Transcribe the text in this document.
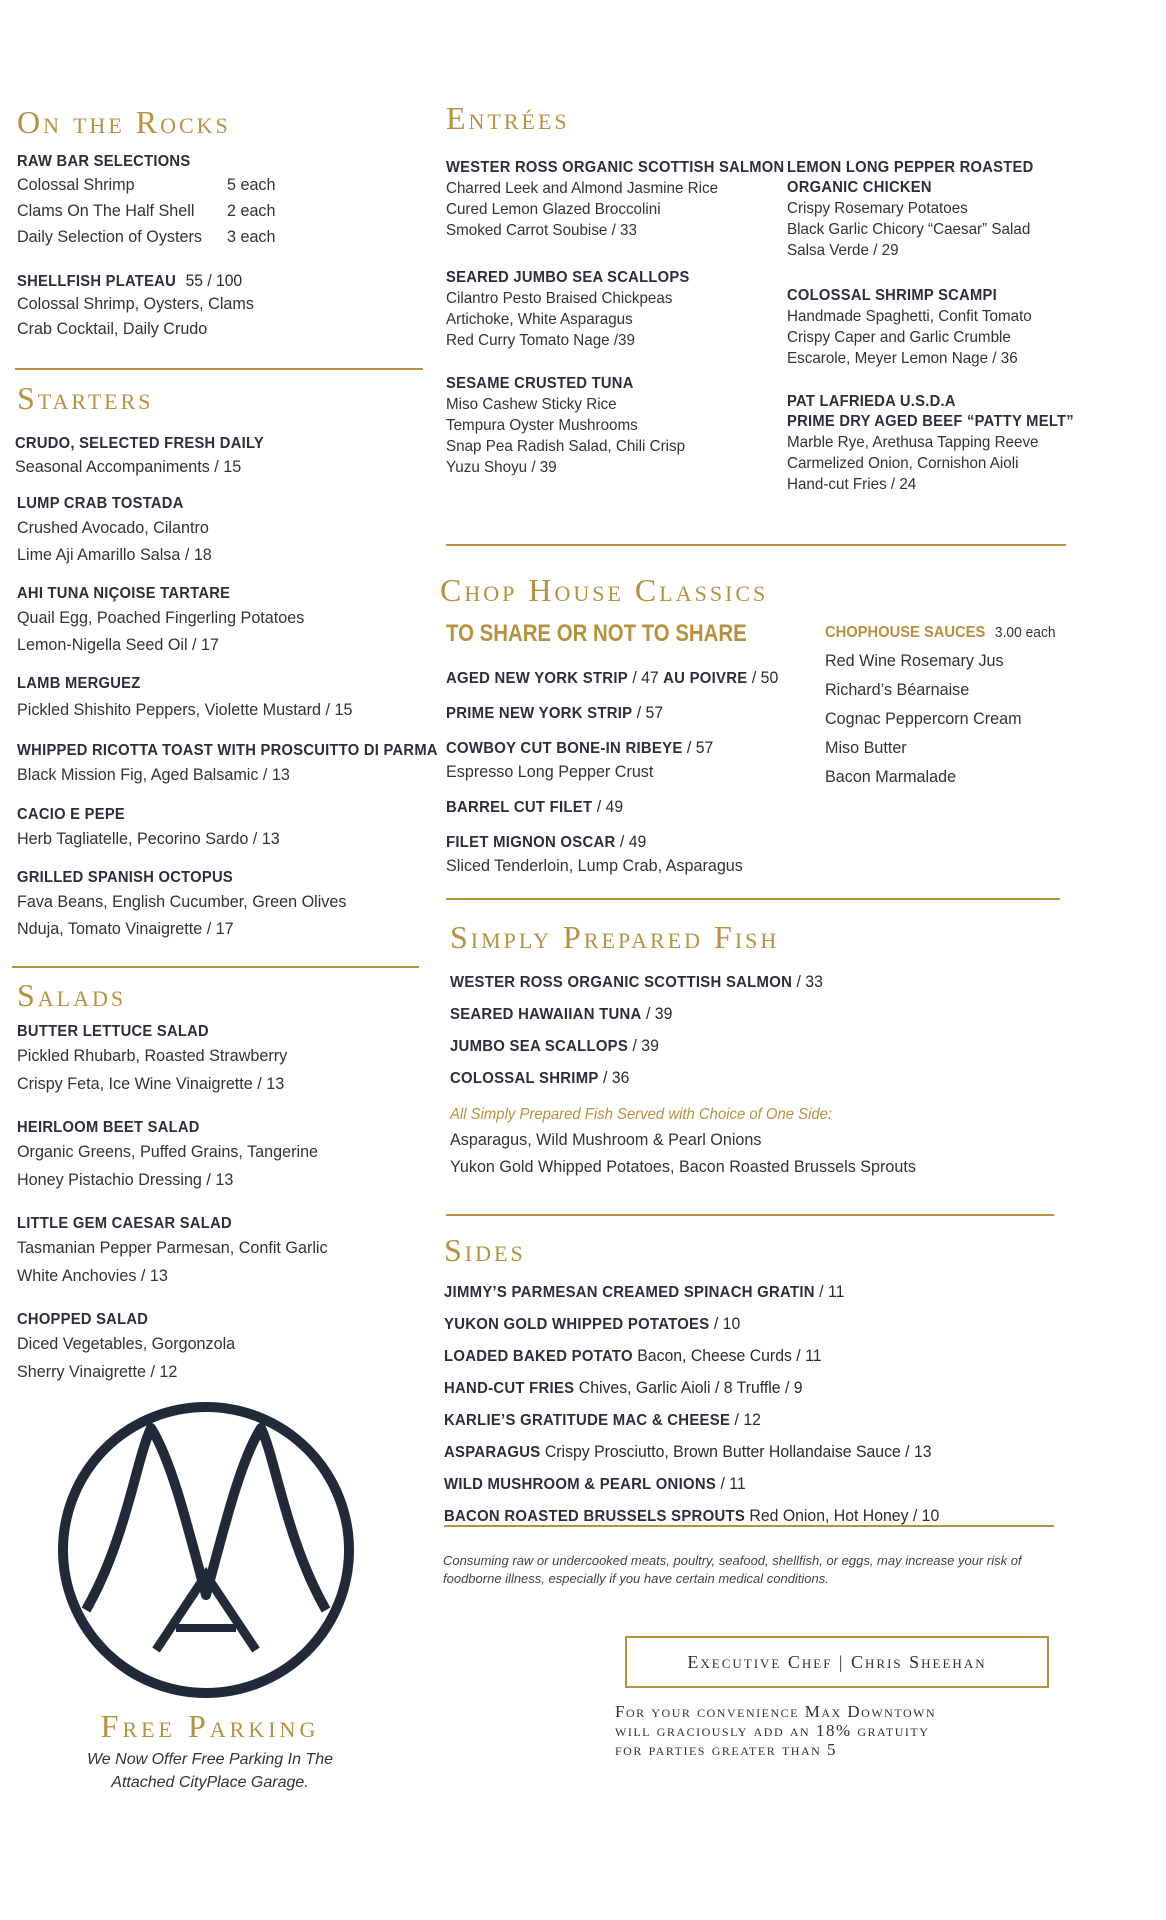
On the Rocks
RAW BAR SELECTIONS
Colossal Shrimp	5 each
Clams On The Half Shell 2 each
Daily Selection of Oysters 3 each
SHELLFISH PLATEAU 55 / 100
Colossal Shrimp, Oysters, Clams
Crab Cocktail, Daily Crudo
Starters
CRUDO, SELECTED FRESH DAILY
Seasonal Accompaniments / 15
LUMP CRAB TOSTADA
Crushed Avocado, Cilantro
Lime Aji Amarillo Salsa / 18
AHI TUNA NIÇOISE TARTARE
Quail Egg, Poached Fingerling Potatoes
Lemon-Nigella Seed Oil / 17
LAMB MERGUEZ
Pickled Shishito Peppers, Violette Mustard / 15
WHIPPED RICOTTA TOAST WITH PROSCUITTO DI PARMA
Black Mission Fig, Aged Balsamic / 13
CACIO E PEPE
Herb Tagliatelle, Pecorino Sardo / 13
GRILLED SPANISH OCTOPUS
Fava Beans, English Cucumber, Green Olives
Nduja, Tomato Vinaigrette / 17
Salads
BUTTER LETTUCE SALAD
Pickled Rhubarb, Roasted Strawberry
Crispy Feta, Ice Wine Vinaigrette / 13
HEIRLOOM BEET SALAD
Organic Greens, Puffed Grains, Tangerine
Honey Pistachio Dressing / 13
LITTLE GEM CAESAR SALAD
Tasmanian Pepper Parmesan, Confit Garlic
White Anchovies / 13
CHOPPED SALAD
Diced Vegetables, Gorgonzola
Sherry Vinaigrette / 12
Free Parking
We Now Offer Free Parking In The
Attached CityPlace Garage.
Entrées
WESTER ROSS ORGANIC SCOTTISH SALMON
Charred Leek and Almond Jasmine Rice
Cured Lemon Glazed Broccolini
Smoked Carrot Soubise / 33
SEARED JUMBO SEA SCALLOPS
Cilantro Pesto Braised Chickpeas
Artichoke, White Asparagus
Red Curry Tomato Nage /39
SESAME CRUSTED TUNA
Miso Cashew Sticky Rice
Tempura Oyster Mushrooms
Snap Pea Radish Salad, Chili Crisp
Yuzu Shoyu / 39
LEMON LONG PEPPER ROASTED
ORGANIC CHICKEN
Crispy Rosemary Potatoes
Black Garlic Chicory “Caesar” Salad
Salsa Verde / 29
COLOSSAL SHRIMP SCAMPI
Handmade Spaghetti, Confit Tomato
Crispy Caper and Garlic Crumble
Escarole, Meyer Lemon Nage / 36
PAT LAFRIEDA U.S.D.A
PRIME DRY AGED BEEF “PATTY MELT”
Marble Rye, Arethusa Tapping Reeve
Carmelized Onion, Cornishon Aioli
Hand-cut Fries / 24
Chop House Classics
TO SHARE OR NOT TO SHARE
AGED NEW YORK STRIP / 47 AU POIVRE / 50
PRIME NEW YORK STRIP / 57
COWBOY CUT BONE-IN RIBEYE / 57
Espresso Long Pepper Crust
BARREL CUT FILET / 49
FILET MIGNON OSCAR / 49
Sliced Tenderloin, Lump Crab, Asparagus
CHOPHOUSE SAUCES 3.00 each
Red Wine Rosemary Jus
Richard’s Béarnaise
Cognac Peppercorn Cream
Miso Butter
Bacon Marmalade
Simply Prepared Fish
WESTER ROSS ORGANIC SCOTTISH SALMON / 33
SEARED HAWAIIAN TUNA / 39
JUMBO SEA SCALLOPS / 39
COLOSSAL SHRIMP / 36
All Simply Prepared Fish Served with Choice of One Side:
Asparagus, Wild Mushroom & Pearl Onions
Yukon Gold Whipped Potatoes, Bacon Roasted Brussels Sprouts
Sides
JIMMY’S PARMESAN CREAMED SPINACH GRATIN / 11
YUKON GOLD WHIPPED POTATOES / 10
LOADED BAKED POTATO Bacon, Cheese Curds / 11
HAND-CUT FRIES Chives, Garlic Aioli / 8 Truffle / 9
KARLIE’S GRATITUDE MAC & CHEESE / 12
ASPARAGUS Crispy Prosciutto, Brown Butter Hollandaise Sauce / 13
WILD MUSHROOM & PEARL ONIONS / 11
BACON ROASTED BRUSSELS SPROUTS Red Onion, Hot Honey / 10
Consuming raw or undercooked meats, poultry, seafood, shellfish, or eggs, may increase your risk of
foodborne illness, especially if you have certain medical conditions.
Executive Chef | Chris Sheehan
For your convenience Max Downtown
will graciously add an 18% gratuity
for parties greater than 5
